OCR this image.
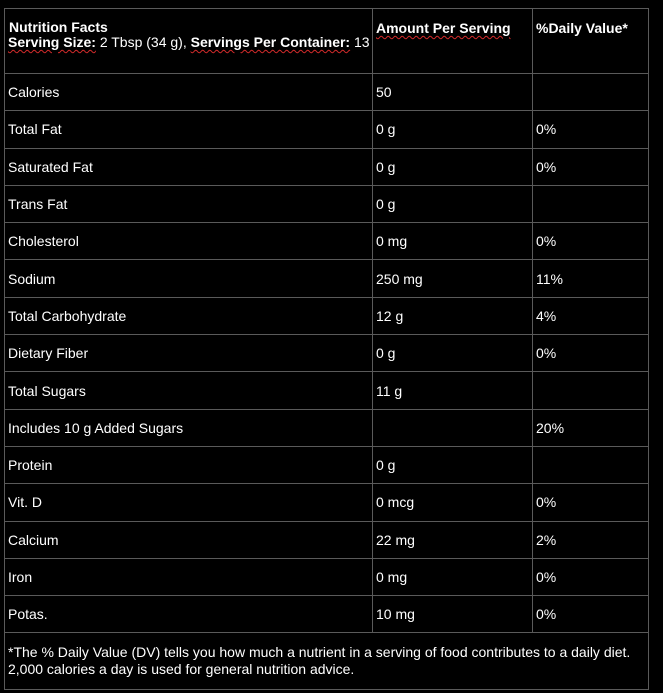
Nutrition Facts
Serving Size: 2 Tbsp (34 g), Servings Per Container: 13	Amount Per Serving	%Daily Value*
Calories	50	
Total Fat	0 g	0%
Saturated Fat	0 g	0%
Trans Fat	0 g	
Cholesterol	0 mg	0%
Sodium	250 mg	11%
Total Carbohydrate	12 g	4%
Dietary Fiber	0 g	0%
Total Sugars	11 g	
Includes 10 g Added Sugars		20%
Protein	0 g	
Vit. D	0 mcg	0%
Calcium	22 mg	2%
Iron	0 mg	0%
Potas.	10 mg	0%
*The % Daily Value (DV) tells you how much a nutrient in a serving of food contributes to a daily diet.
2,000 calories a day is used for general nutrition advice.		
